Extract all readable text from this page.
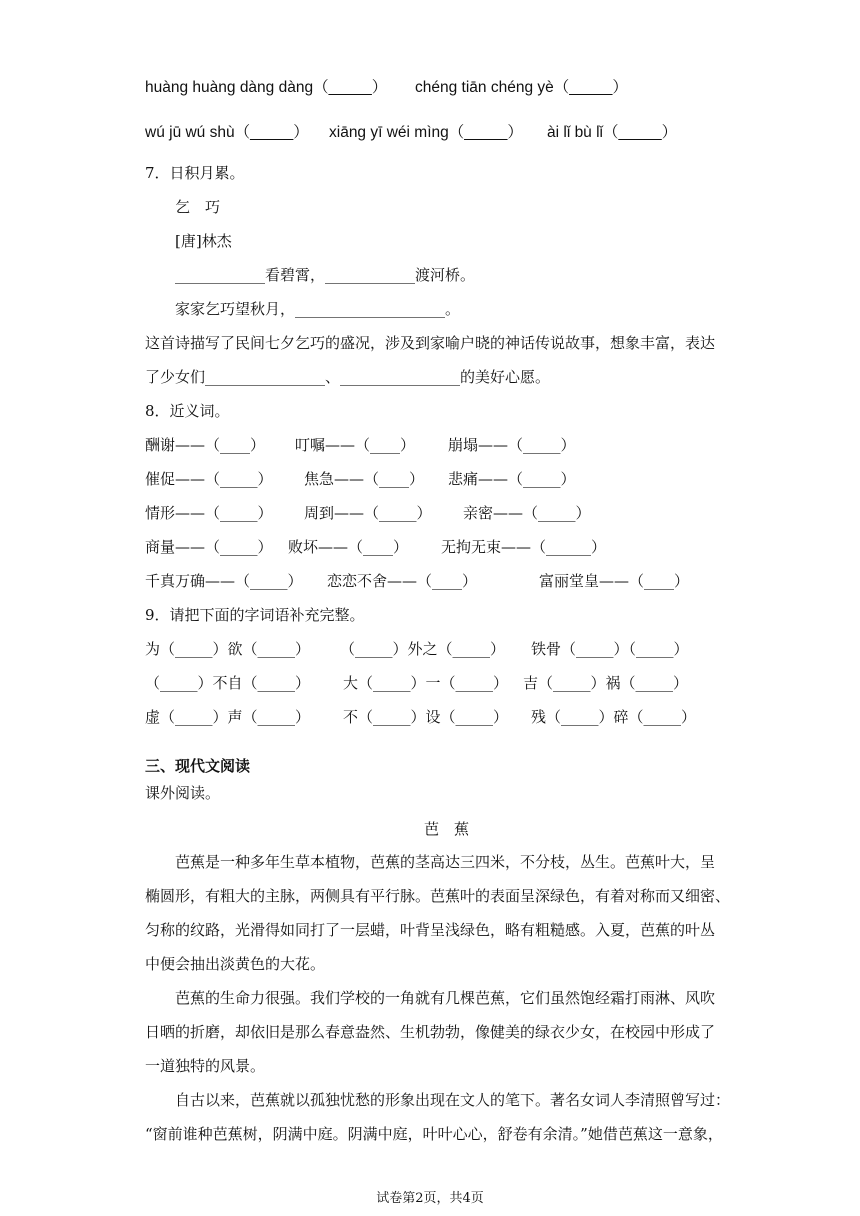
huàng huàng dàng dàng（_____） chéng tiān chéng yè（_____）
wú jū wú shù（_____） xiāng yī wéi mìng（_____） ài lǐ bù lǐ（_____）
7．日积月累。
乞　巧
[唐]林杰
____________看碧霄，____________渡河桥。
家家乞巧望秋月，____________________。
这首诗描写了民间七夕乞巧的盛况，涉及到家喻户晓的神话传说故事，想象丰富，表达
了少女们________________、________________的美好心愿。
8．近义词。
酬谢——（____） 叮嘱——（____） 崩塌——（_____）
催促——（_____） 焦急——（____） 悲痛——（_____）
情形——（_____） 周到——（_____） 亲密——（_____）
商量——（_____） 败坏——（____） 无拘无束——（______）
千真万确——（_____） 恋恋不舍——（____）	富丽堂皇——（____）
9．请把下面的字词语补充完整。
为（_____）欲（_____） （_____）外之（_____） 铁骨（_____）（_____）
（_____）不自（_____） 大（_____）一（_____） 吉（_____）祸（_____）
虚（_____）声（_____） 不（_____）设（_____） 残（_____）碎（_____）
三、现代文阅读
课外阅读。
芭　蕉
芭蕉是一种多年生草本植物，芭蕉的茎高达三四米，不分枝，丛生。芭蕉叶大，呈
椭圆形，有粗大的主脉，两侧具有平行脉。芭蕉叶的表面呈深绿色，有着对称而又细密、
匀称的纹路，光滑得如同打了一层蜡，叶背呈浅绿色，略有粗糙感。入夏，芭蕉的叶丛
中便会抽出淡黄色的大花。
芭蕉的生命力很强。我们学校的一角就有几棵芭蕉，它们虽然饱经霜打雨淋、风吹
日晒的折磨，却依旧是那么春意盎然、生机勃勃，像健美的绿衣少女，在校园中形成了
一道独特的风景。
自古以来，芭蕉就以孤独忧愁的形象出现在文人的笔下。著名女词人李清照曾写过：
“窗前谁种芭蕉树，阴满中庭。阴满中庭，叶叶心心，舒卷有余清。”她借芭蕉这一意象，
试卷第2页，共4页
